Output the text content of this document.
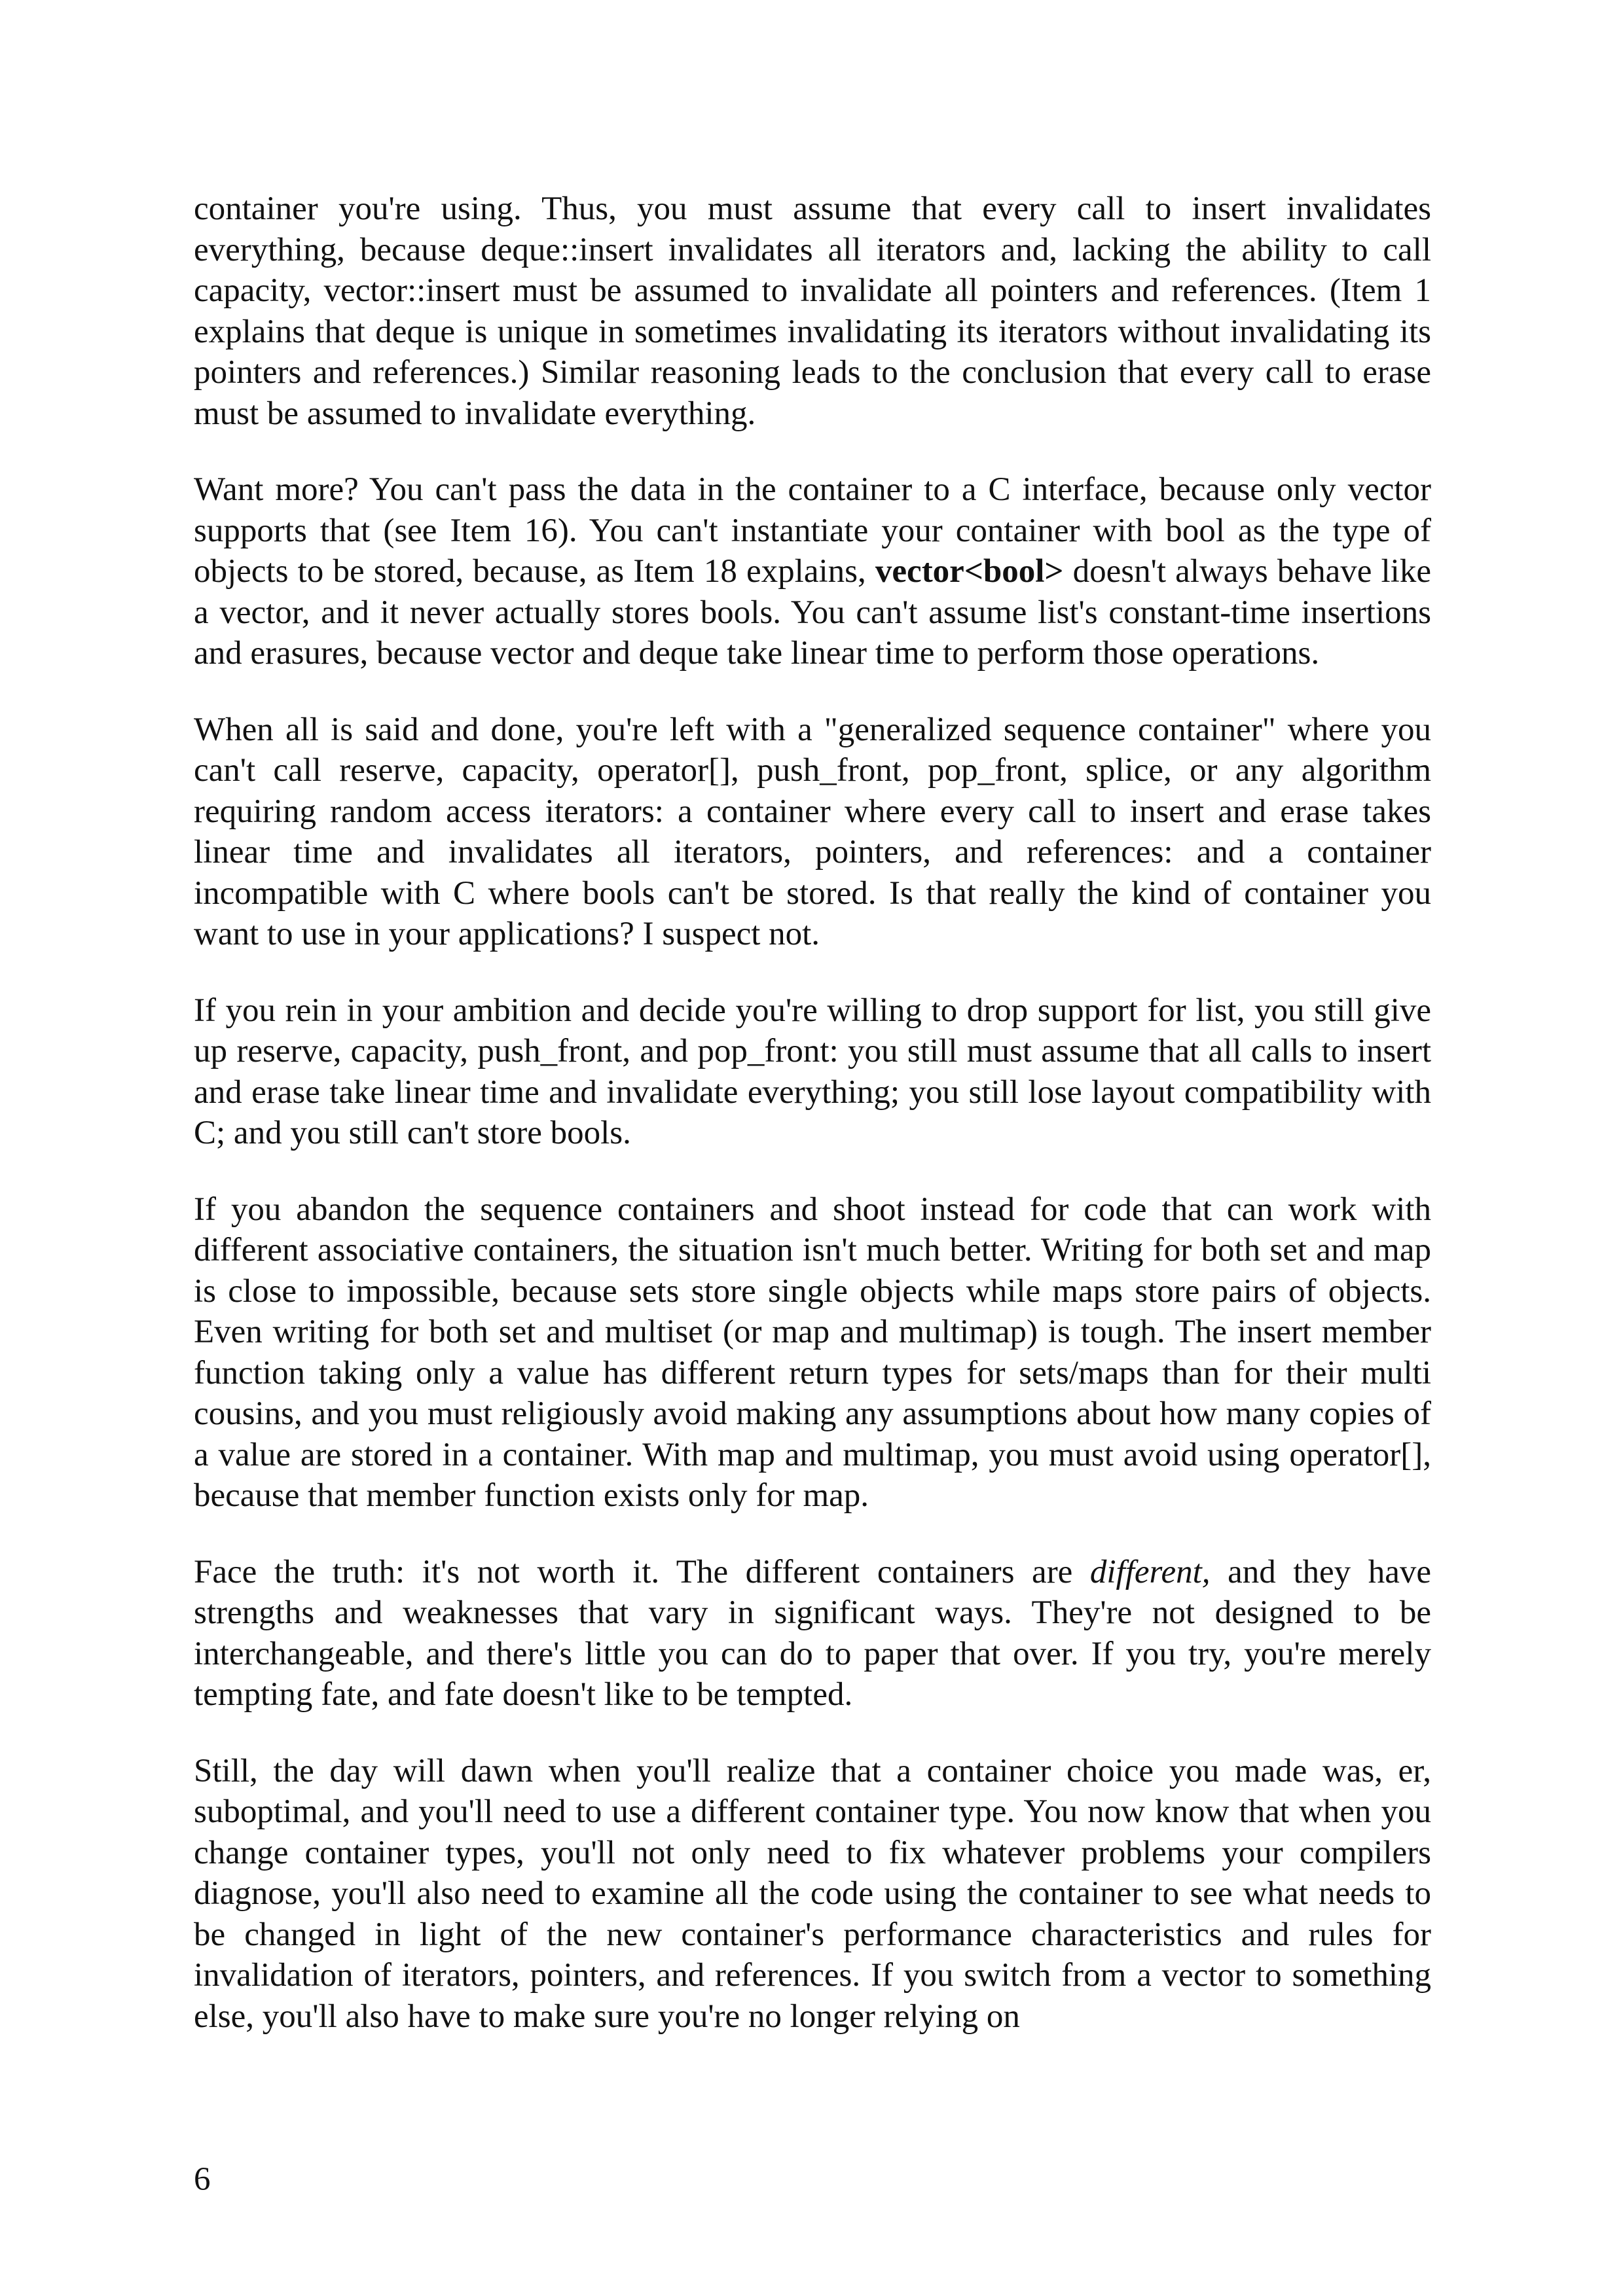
container you're using. Thus, you must assume that every call to insert invalidates everything, because deque::insert invalidates all iterators and, lacking the ability to call capacity, vector::insert must be assumed to invalidate all pointers and references. (Item 1 explains that deque is unique in sometimes invalidating its iterators without invalidating its pointers and references.) Similar reasoning leads to the conclusion that every call to erase must be assumed to invalidate everything.

Want more? You can't pass the data in the container to a C interface, because only vector supports that (see Item 16). You can't instantiate your container with bool as the type of objects to be stored, because, as Item 18 explains, vector<bool> doesn't always behave like a vector, and it never actually stores bools. You can't assume list's constant-time insertions and erasures, because vector and deque take linear time to perform those operations.

When all is said and done, you're left with a "generalized sequence container" where you can't call reserve, capacity, operator[], push_front, pop_front, splice, or any algorithm requiring random access iterators: a container where every call to insert and erase takes linear time and invalidates all iterators, pointers, and references: and a container incompatible with C where bools can't be stored. Is that really the kind of container you want to use in your applications? I suspect not.

If you rein in your ambition and decide you're willing to drop support for list, you still give up reserve, capacity, push_front, and pop_front: you still must assume that all calls to insert and erase take linear time and invalidate everything; you still lose layout compatibility with C; and you still can't store bools.

If you abandon the sequence containers and shoot instead for code that can work with different associative containers, the situation isn't much better. Writing for both set and map is close to impossible, because sets store single objects while maps store pairs of objects. Even writing for both set and multiset (or map and multimap) is tough. The insert member function taking only a value has different return types for sets/maps than for their multi cousins, and you must religiously avoid making any assumptions about how many copies of a value are stored in a container. With map and multimap, you must avoid using operator[], because that member function exists only for map.

Face the truth: it's not worth it. The different containers are different, and they have strengths and weaknesses that vary in significant ways. They're not designed to be interchangeable, and there's little you can do to paper that over. If you try, you're merely tempting fate, and fate doesn't like to be tempted.

Still, the day will dawn when you'll realize that a container choice you made was, er, suboptimal, and you'll need to use a different container type. You now know that when you change container types, you'll not only need to fix whatever problems your compilers diagnose, you'll also need to examine all the code using the container to see what needs to be changed in light of the new container's performance characteristics and rules for invalidation of iterators, pointers, and references. If you switch from a vector to something else, you'll also have to make sure you're no longer relying on

6
